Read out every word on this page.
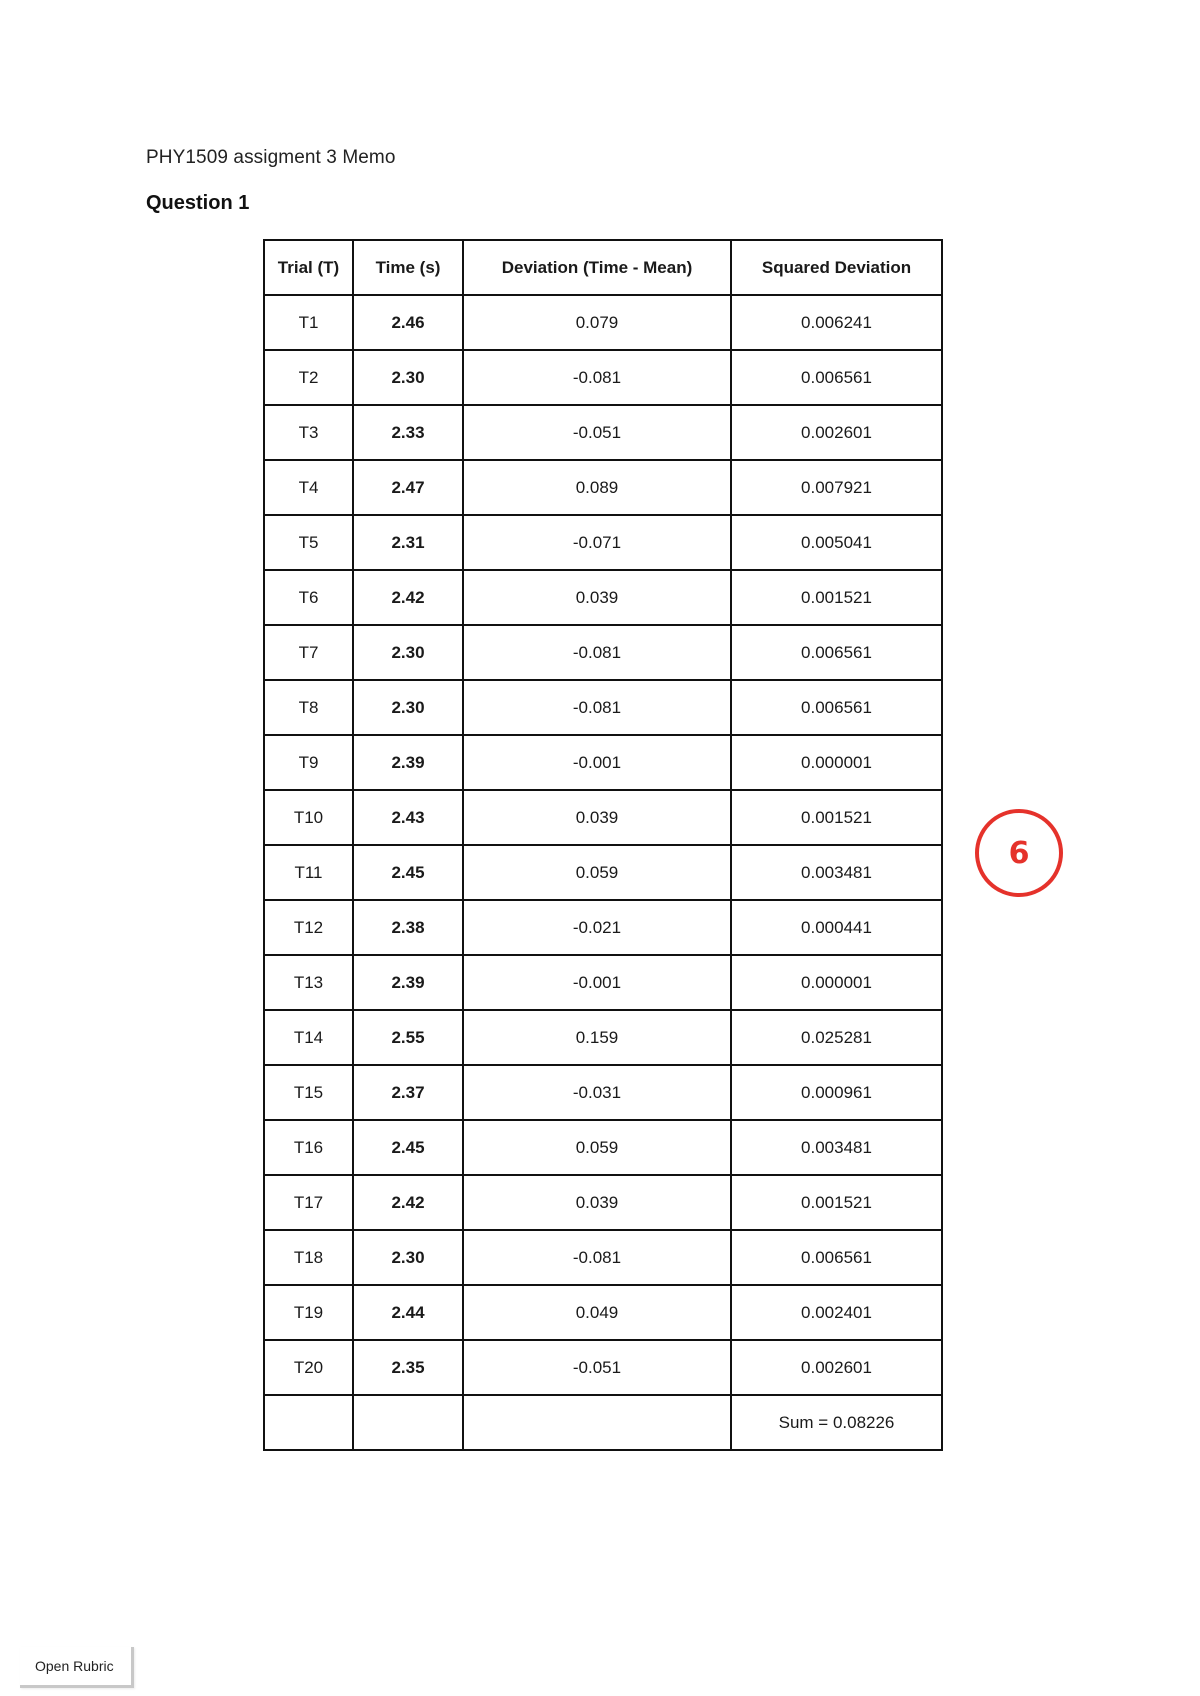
PHY1509 assigment 3 Memo
Question 1
Trial (T)	Time (s)	Deviation (Time - Mean)	Squared Deviation
T1	2.46	0.079	0.006241
T2	2.30	-0.081	0.006561
T3	2.33	-0.051	0.002601
T4	2.47	0.089	0.007921
T5	2.31	-0.071	0.005041
T6	2.42	0.039	0.001521
T7	2.30	-0.081	0.006561
T8	2.30	-0.081	0.006561
T9	2.39	-0.001	0.000001
T10	2.43	0.039	0.001521
T11	2.45	0.059	0.003481
T12	2.38	-0.021	0.000441
T13	2.39	-0.001	0.000001
T14	2.55	0.159	0.025281
T15	2.37	-0.031	0.000961
T16	2.45	0.059	0.003481
T17	2.42	0.039	0.001521
T18	2.30	-0.081	0.006561
T19	2.44	0.049	0.002401
T20	2.35	-0.051	0.002601
			Sum = 0.08226
6
Open Rubric
